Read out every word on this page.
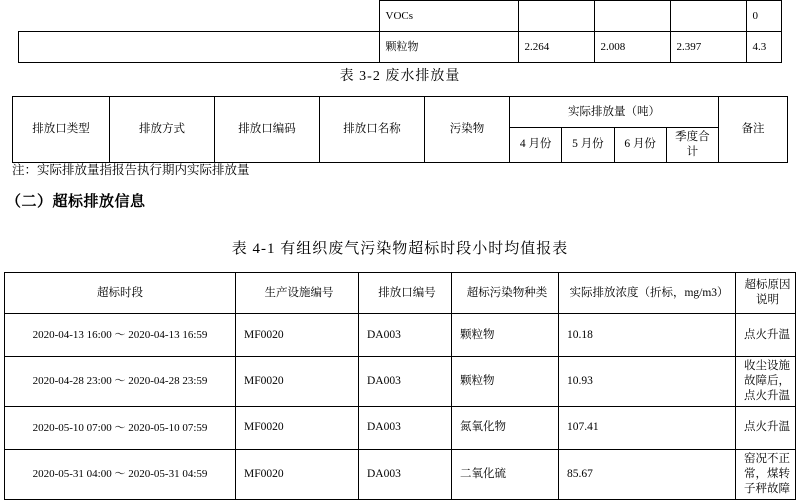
	VOCs				0
	颗粒物	2.264	2.008	2.397	4.3
表 3-2 废水排放量
排放口类型	排放方式	排放口编码	排放口名称	污染物	实际排放量（吨）				备注
					4 月份	5 月份	6 月份	季度合计	
注：实际排放量指报告执行期内实际排放量
（二）超标排放信息
表 4-1 有组织废气污染物超标时段小时均值报表
超标时段	生产设施编号	排放口编号	超标污染物种类	实际排放浓度（折标，mg/m3）	超标原因说明
2020-04-13 16:00 ～ 2020-04-13 16:59	MF0020	DA003	颗粒物	10.18	点火升温
2020-04-28 23:00 ～ 2020-04-28 23:59	MF0020	DA003	颗粒物	10.93	收尘设施故障后，点火升温
2020-05-10 07:00 ～ 2020-05-10 07:59	MF0020	DA003	氮氧化物	107.41	点火升温
2020-05-31 04:00 ～ 2020-05-31 04:59	MF0020	DA003	二氧化硫	85.67	窑况不正常，煤转子秤故障
